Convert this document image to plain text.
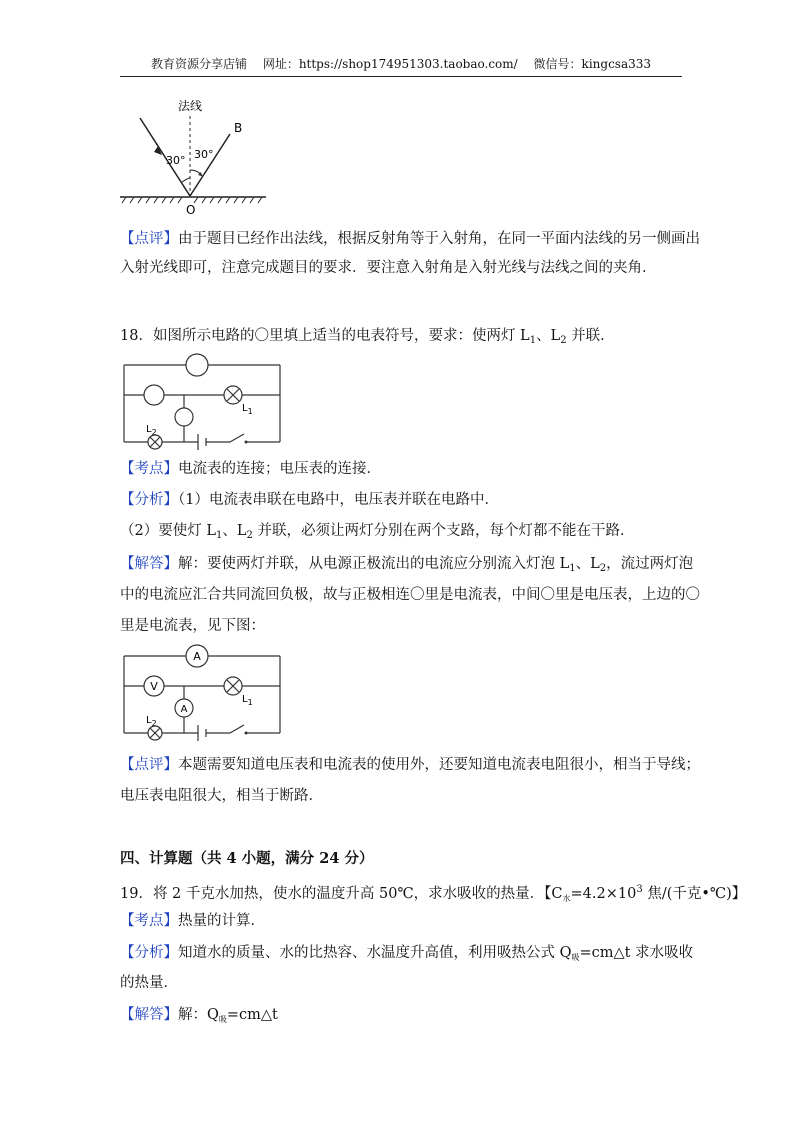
教育资源分享店铺 网址：https://shop174951303.taobao.com/ 微信号：kingcsa333
法线
B
30° 30°
O
【点评】由于题目已经作出法线，根据反射角等于入射角，在同一平面内法线的另一侧画出
入射光线即可，注意完成题目的要求．要注意入射角是入射光线与法线之间的夹角．
18．如图所示电路的〇里填上适当的电表符号，要求：使两灯 $L_1$、$L_2$ 并联．
$L_1$
$L_2$
【考点】电流表的连接；电压表的连接．
【分析】（1）电流表串联在电路中，电压表并联在电路中．
（2）要使灯 $L_1$、$L_2$ 并联，必须让两灯分别在两个支路，每个灯都不能在干路．
【解答】解：要使两灯并联，从电源正极流出的电流应分别流入灯泡 $L_1$、$L_2$，流过两灯泡
中的电流应汇合共同流回负极，故与正极相连〇里是电流表，中间〇里是电压表，上边的〇
里是电流表，见下图：
A
V
A
$L_1$
$L_2$
【点评】本题需要知道电压表和电流表的使用外，还要知道电流表电阻很小，相当于导线；
电压表电阻很大，相当于断路．
四、计算题（共 4 小题，满分 24 分）
19．将 2 千克水加热，使水的温度升高 50℃，求水吸收的热量．【$C_水=4.2\times 10^3$ 焦/(千克•℃)】
【考点】热量的计算．
【分析】知道水的质量、水的比热容、水温度升高值，利用吸热公式 $Q_吸=cm\triangle t$ 求水吸收
的热量．
【解答】解：$Q_吸=cm\triangle t$
